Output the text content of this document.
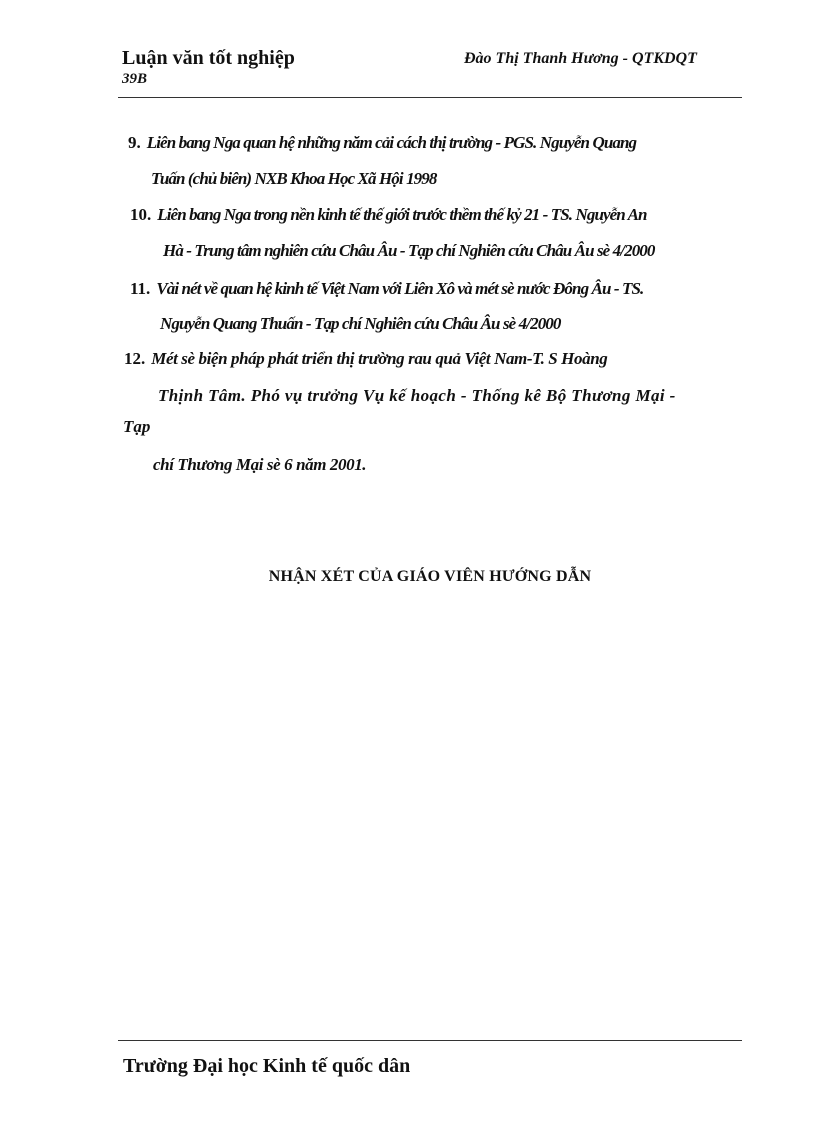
Luận văn tốt nghiệp
39B
Đào Thị Thanh Hương - QTKDQT
9. Liên bang Nga quan hệ những năm cải cách thị trường - PGS. Nguyễn Quang
Tuấn (chủ biên) NXB Khoa Học Xã Hội 1998
10. Liên bang Nga trong nền kinh tế thế giới trước thềm thế kỷ 21 - TS. Nguyễn An
Hà - Trung tâm nghiên cứu Châu Âu - Tạp chí Nghiên cứu Châu Âu sè 4/2000
11. Vài nét về quan hệ kinh tế Việt Nam với Liên Xô và mét sè nước Đông Âu - TS.
Nguyễn Quang Thuấn - Tạp chí Nghiên cứu Châu Âu sè 4/2000
12. Mét sè biện pháp phát triển thị trường rau quả Việt Nam-T. S Hoàng
Thịnh Tâm. Phó vụ trưởng Vụ kế hoạch - Thống kê Bộ Thương Mại -
Tạp
chí Thương Mại sè 6 năm 2001.
NHẬN XÉT CỦA GIÁO VIÊN HƯỚNG DẪN
Trường Đại học Kinh tế quốc dân
